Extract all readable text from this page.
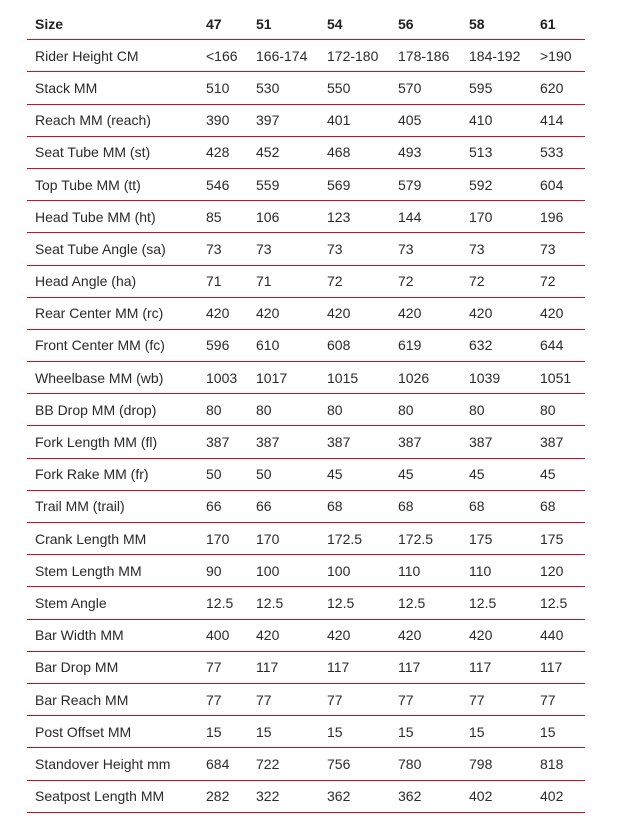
Size	47	51	54	56	58	61
Rider Height CM	<166	166-174	172-180	178-186	184-192	>190
Stack MM	510	530	550	570	595	620
Reach MM (reach)	390	397	401	405	410	414
Seat Tube MM (st)	428	452	468	493	513	533
Top Tube MM (tt)	546	559	569	579	592	604
Head Tube MM (ht)	85	106	123	144	170	196
Seat Tube Angle (sa)	73	73	73	73	73	73
Head Angle (ha)	71	71	72	72	72	72
Rear Center MM (rc)	420	420	420	420	420	420
Front Center MM (fc)	596	610	608	619	632	644
Wheelbase MM (wb)	1003	1017	1015	1026	1039	1051
BB Drop MM (drop)	80	80	80	80	80	80
Fork Length MM (fl)	387	387	387	387	387	387
Fork Rake MM (fr)	50	50	45	45	45	45
Trail MM (trail)	66	66	68	68	68	68
Crank Length MM	170	170	172.5	172.5	175	175
Stem Length MM	90	100	100	110	110	120
Stem Angle	12.5	12.5	12.5	12.5	12.5	12.5
Bar Width MM	400	420	420	420	420	440
Bar Drop MM	77	117	117	117	117	117
Bar Reach MM	77	77	77	77	77	77
Post Offset MM	15	15	15	15	15	15
Standover Height mm	684	722	756	780	798	818
Seatpost Length MM	282	322	362	362	402	402
